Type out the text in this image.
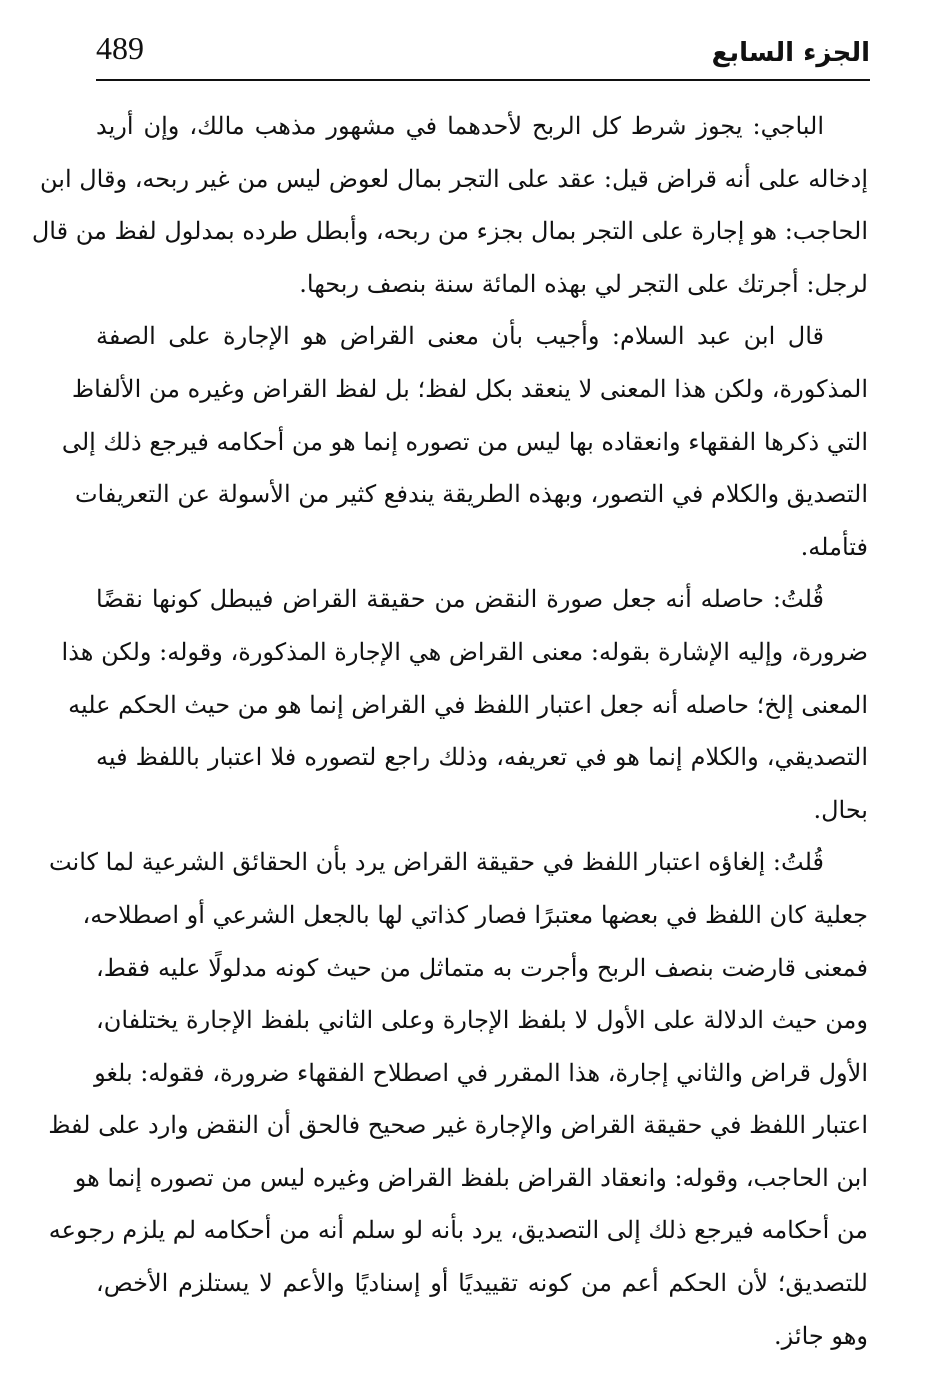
489	الجزء السابع
الباجي: يجوز شرط كل الربح لأحدهما في مشهور مذهب مالك، وإن أريد
إدخاله على أنه قراض قيل: عقد على التجر بمال لعوض ليس من غير ربحه، وقال ابن
الحاجب: هو إجارة على التجر بمال بجزء من ربحه، وأبطل طرده بمدلول لفظ من قال
لرجل: أجرتك على التجر لي بهذه المائة سنة بنصف ربحها.
قال ابن عبد السلام: وأجيب بأن معنى القراض هو الإجارة على الصفة
المذكورة، ولكن هذا المعنى لا ينعقد بكل لفظ؛ بل لفظ القراض وغيره من الألفاظ
التي ذكرها الفقهاء وانعقاده بها ليس من تصوره إنما هو من أحكامه فيرجع ذلك إلى
التصديق والكلام في التصور، وبهذه الطريقة يندفع كثير من الأسولة عن التعريفات
فتأمله.
قُلتُ: حاصله أنه جعل صورة النقض من حقيقة القراض فيبطل كونها نقضًا
ضرورة، وإليه الإشارة بقوله: معنى القراض هي الإجارة المذكورة، وقوله: ولكن هذا
المعنى إلخ؛ حاصله أنه جعل اعتبار اللفظ في القراض إنما هو من حيث الحكم عليه
التصديقي، والكلام إنما هو في تعريفه، وذلك راجع لتصوره فلا اعتبار باللفظ فيه
بحال.
قُلتُ: إلغاؤه اعتبار اللفظ في حقيقة القراض يرد بأن الحقائق الشرعية لما كانت
جعلية كان اللفظ في بعضها معتبرًا فصار كذاتي لها بالجعل الشرعي أو اصطلاحه،
فمعنى قارضت بنصف الربح وأجرت به متماثل من حيث كونه مدلولًا عليه فقط،
ومن حيث الدلالة على الأول لا بلفظ الإجارة وعلى الثاني بلفظ الإجارة يختلفان،
الأول قراض والثاني إجارة، هذا المقرر في اصطلاح الفقهاء ضرورة، فقوله: بلغو
اعتبار اللفظ في حقيقة القراض والإجارة غير صحيح فالحق أن النقض وارد على لفظ
ابن الحاجب، وقوله: وانعقاد القراض بلفظ القراض وغيره ليس من تصوره إنما هو
من أحكامه فيرجع ذلك إلى التصديق، يرد بأنه لو سلم أنه من أحكامه لم يلزم رجوعه
للتصديق؛ لأن الحكم أعم من كونه تقييديًا أو إسناديًا والأعم لا يستلزم الأخص،
وهو جائز.
